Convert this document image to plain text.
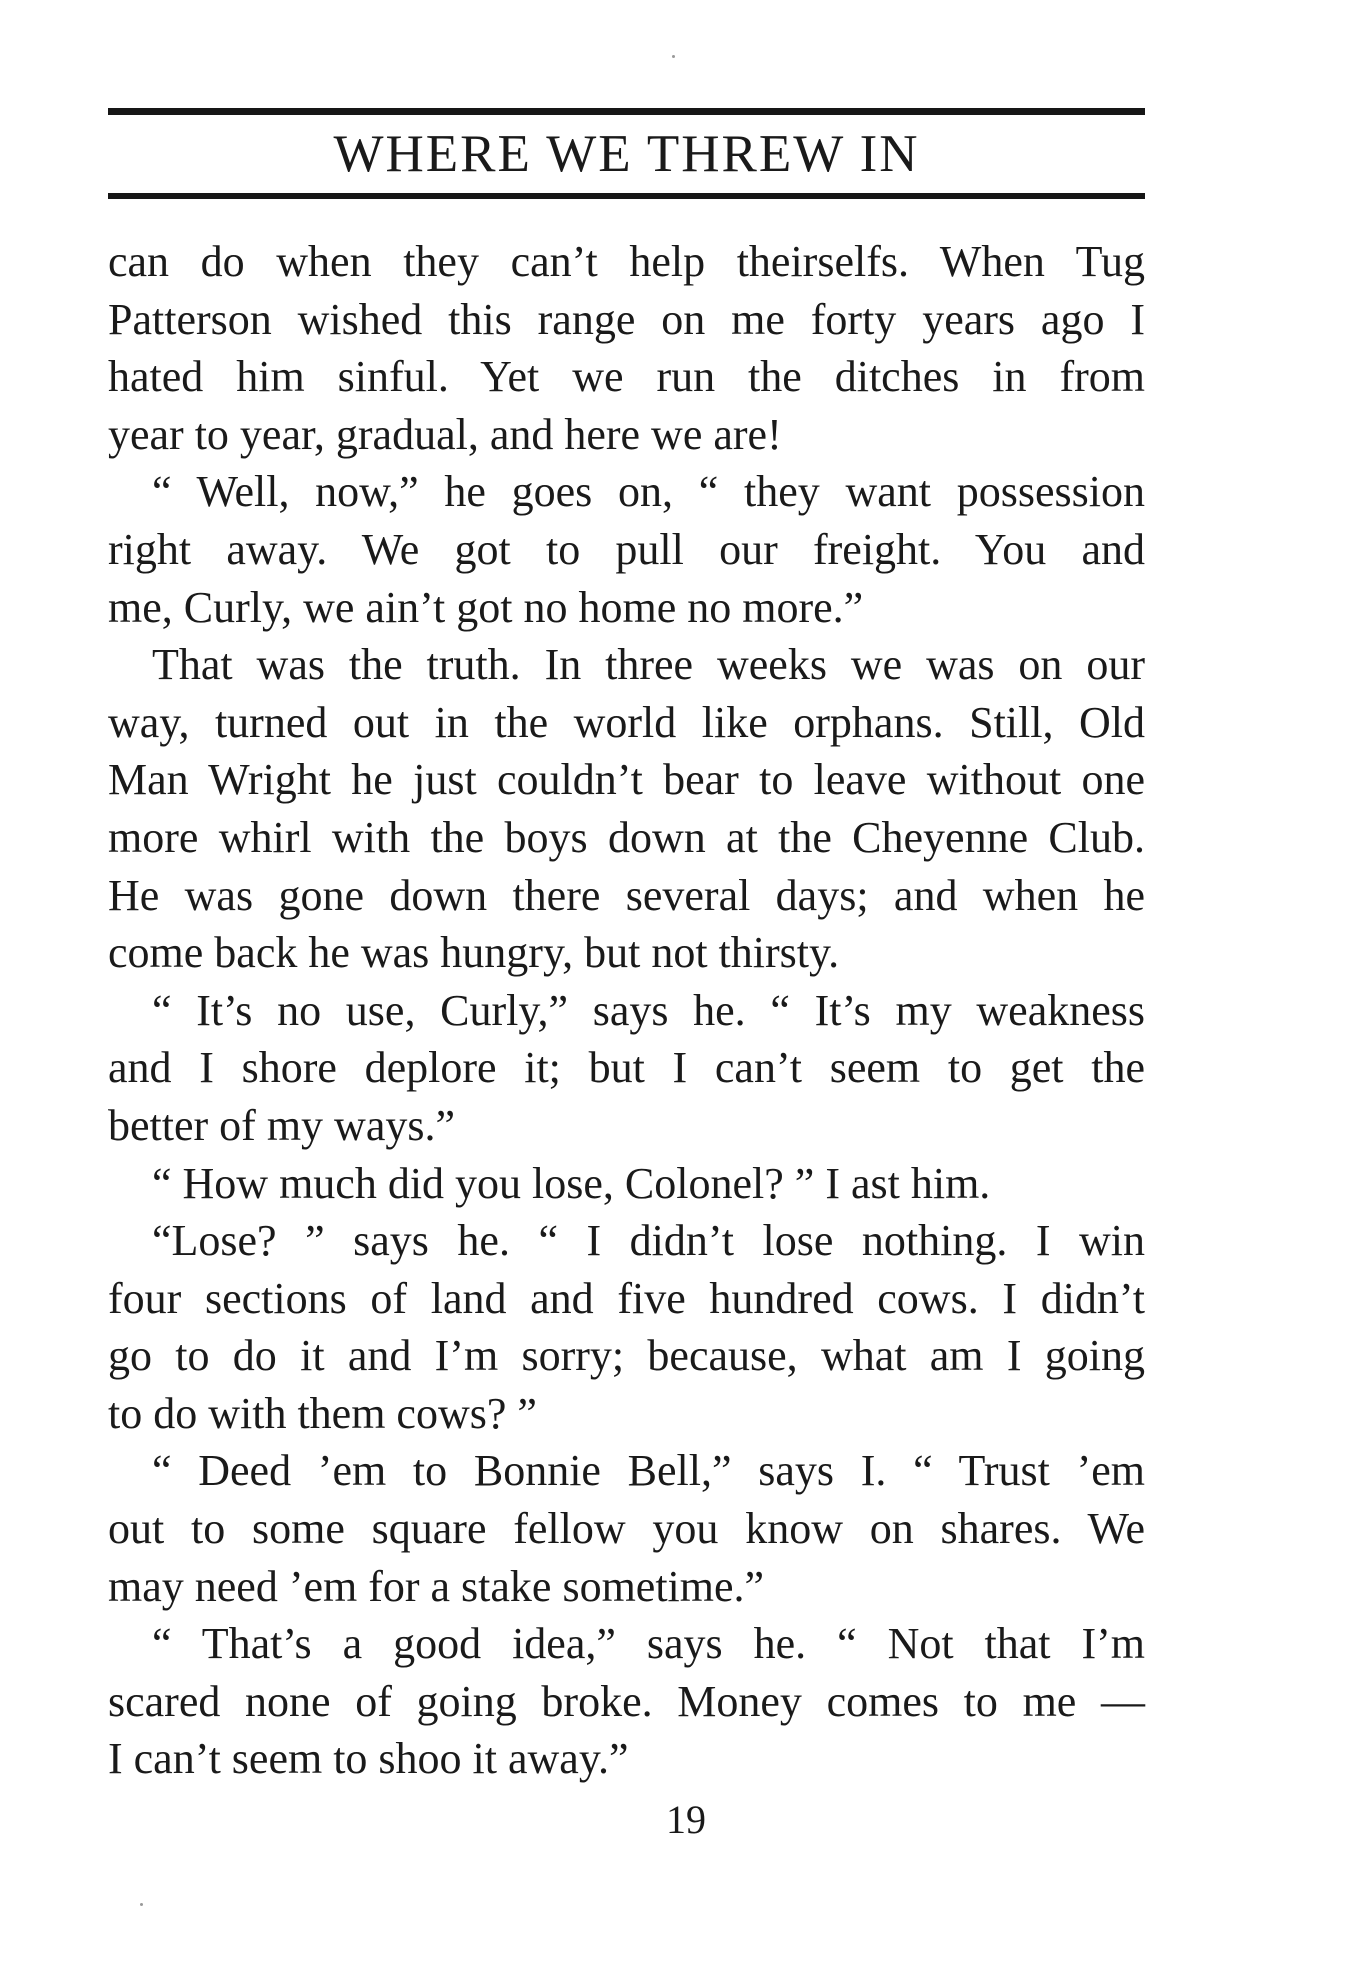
WHERE WE THREW IN
can do when they can’t help theirselfs. When Tug
Patterson wished this range on me forty years ago I
hated him sinful. Yet we run the ditches in from
year to year, gradual, and here we are!
“ Well, now,” he goes on, “ they want possession
right away. We got to pull our freight. You and
me, Curly, we ain’t got no home no more.”
That was the truth. In three weeks we was on our
way, turned out in the world like orphans. Still, Old
Man Wright he just couldn’t bear to leave without one
more whirl with the boys down at the Cheyenne Club.
He was gone down there several days; and when he
come back he was hungry, but not thirsty.
“ It’s no use, Curly,” says he. “ It’s my weakness
and I shore deplore it; but I can’t seem to get the
better of my ways.”
“ How much did you lose, Colonel? ” I ast him.
“Lose? ” says he. “ I didn’t lose nothing. I win
four sections of land and five hundred cows. I didn’t
go to do it and I’m sorry; because, what am I going
to do with them cows? ”
“ Deed ’em to Bonnie Bell,” says I. “ Trust ’em
out to some square fellow you know on shares. We
may need ’em for a stake sometime.”
“ That’s a good idea,” says he. “ Not that I’m
scared none of going broke. Money comes to me —
I can’t seem to shoo it away.”
19
